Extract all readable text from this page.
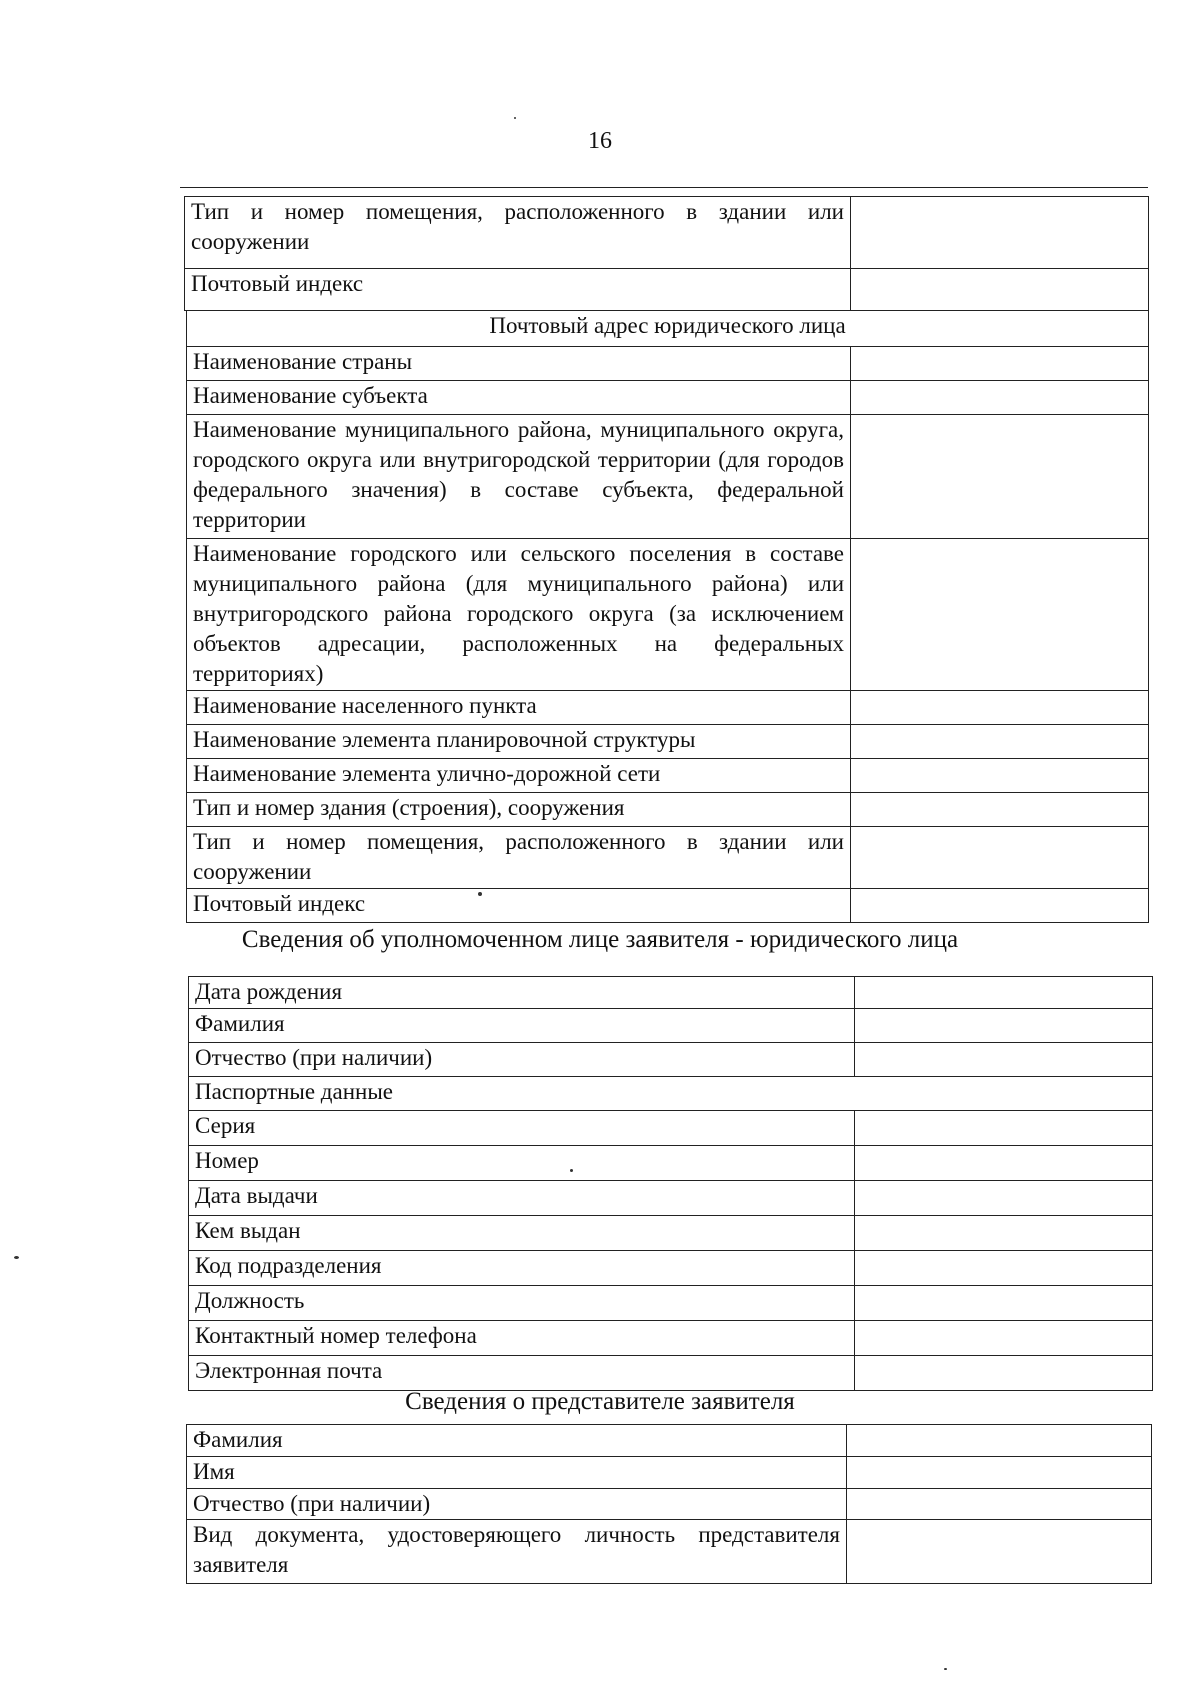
16
Тип и номер помещения, расположенного в здании или сооружении	
Почтовый индекс	
Почтовый адрес юридического лица	
Наименование страны	
Наименование субъекта	
Наименование муниципального района, муниципального округа, городского округа или внутригородской территории (для городов федерального значения) в составе субъекта, федеральной территории	
Наименование городского или сельского поселения в составе муниципального района (для муниципального района) или внутригородского района городского округа (за исключением объектов адресации, расположенных на федеральных территориях)	
Наименование населенного пункта	
Наименование элемента планировочной структуры	
Наименование элемента улично-дорожной сети	
Тип и номер здания (строения), сооружения	
Тип и номер помещения, расположенного в здании или сооружении	
Почтовый индекс	
Сведения об уполномоченном лице заявителя - юридического лица
Дата рождения	
Фамилия	
Отчество (при наличии)	
Паспортные данные	
Серия	
Номер	
Дата выдачи	
Кем выдан	
Код подразделения	
Должность	
Контактный номер телефона	
Электронная почта	
Сведения о представителе заявителя
Фамилия	
Имя	
Отчество (при наличии)	
Вид документа, удостоверяющего личность представителя заявителя	
